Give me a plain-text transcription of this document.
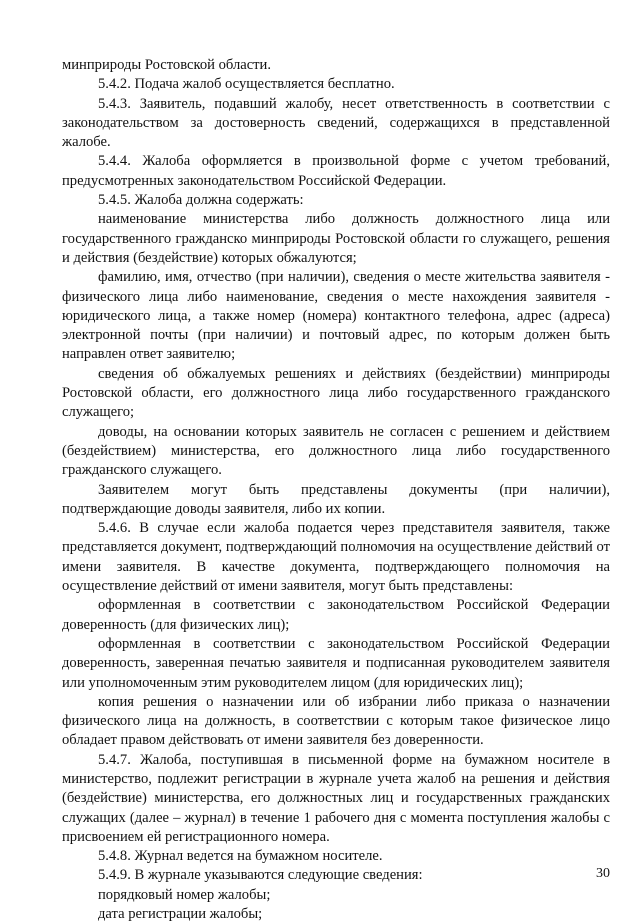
минприроды Ростовской области.

5.4.2. Подача жалоб осуществляется бесплатно.

5.4.3. Заявитель, подавший жалобу, несет ответственность в соответствии с законодательством за достоверность сведений, содержащихся в представленной жалобе.

5.4.4. Жалоба оформляется в произвольной форме с учетом требований, предусмотренных законодательством Российской Федерации.

5.4.5. Жалоба должна содержать:

наименование министерства либо должность должностного лица или государственного гражданско минприроды Ростовской области го служащего, решения и действия (бездействие) которых обжалуются;

фамилию, имя, отчество (при наличии), сведения о месте жительства заявителя - физического лица либо наименование, сведения о месте нахождения заявителя - юридического лица, а также номер (номера) контактного телефона, адрес (адреса) электронной почты (при наличии) и почтовый адрес, по которым должен быть направлен ответ заявителю;

сведения об обжалуемых решениях и действиях (бездействии) минприроды Ростовской области, его должностного лица либо государственного гражданского служащего;

доводы, на основании которых заявитель не согласен с решением и действием (бездействием) министерства, его должностного лица либо государственного гражданского служащего.

Заявителем могут быть представлены документы (при наличии), подтверждающие доводы заявителя, либо их копии.

5.4.6. В случае если жалоба подается через представителя заявителя, также представляется документ, подтверждающий полномочия на осуществление действий от имени заявителя. В качестве документа, подтверждающего полномочия на осуществление действий от имени заявителя, могут быть представлены:

оформленная в соответствии с законодательством Российской Федерации доверенность (для физических лиц);

оформленная в соответствии с законодательством Российской Федерации доверенность, заверенная печатью заявителя и подписанная руководителем заявителя или уполномоченным этим руководителем лицом (для юридических лиц);

копия решения о назначении или об избрании либо приказа о назначении физического лица на должность, в соответствии с которым такое физическое лицо обладает правом действовать от имени заявителя без доверенности.

5.4.7. Жалоба, поступившая в письменной форме на бумажном носителе в министерство, подлежит регистрации в журнале учета жалоб на решения и действия (бездействие) министерства, его должностных лиц и государственных гражданских служащих (далее – журнал) в течение 1 рабочего дня с момента поступления жалобы с присвоением ей регистрационного номера.

5.4.8. Журнал ведется на бумажном носителе.

5.4.9. В журнале указываются следующие сведения:

порядковый номер жалобы;

дата регистрации жалобы;

30
